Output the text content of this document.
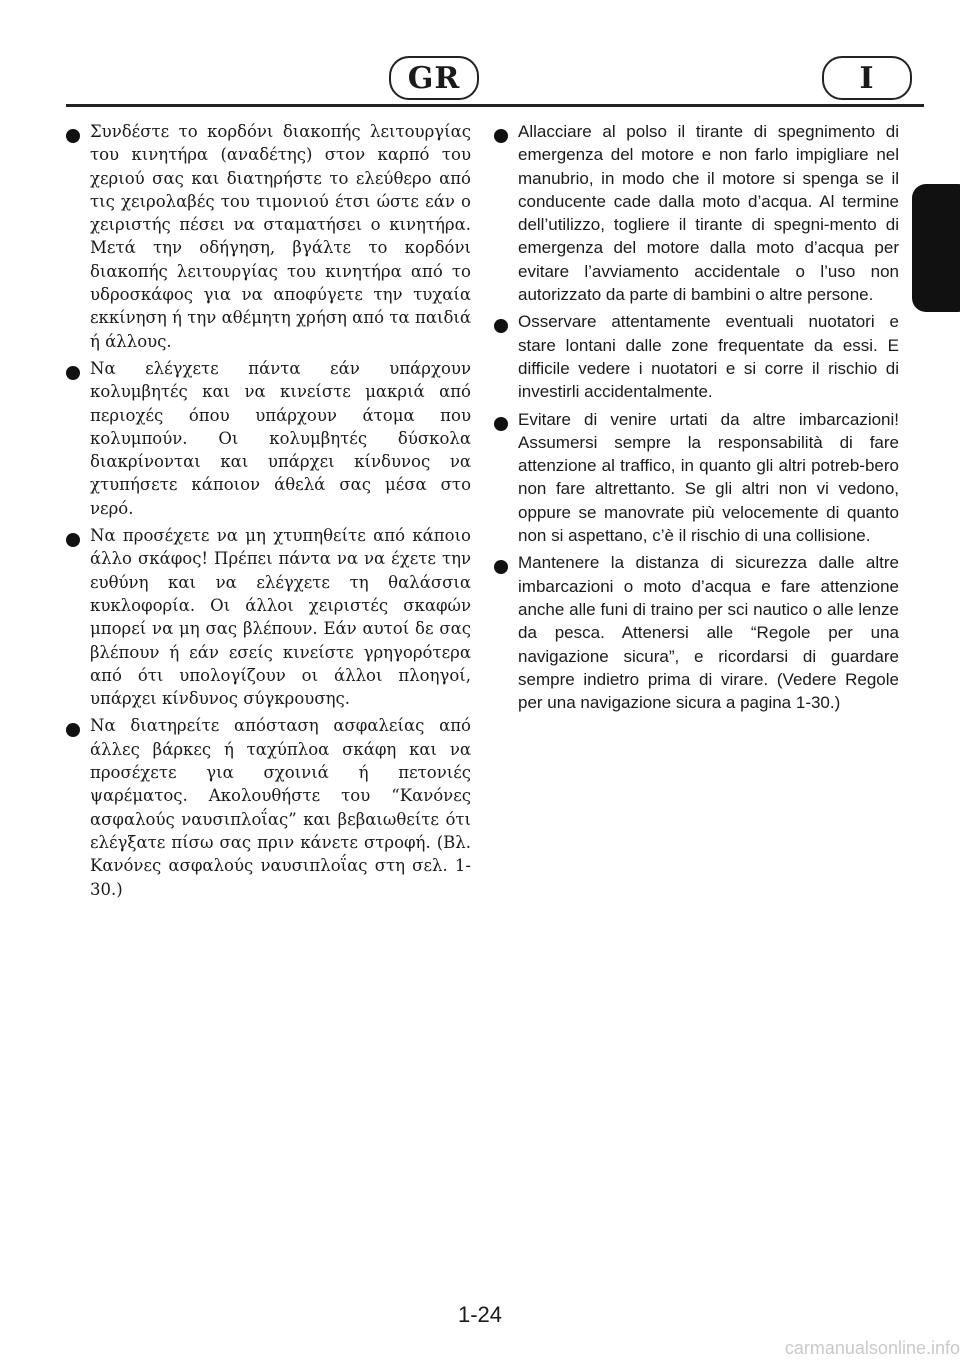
GR	I
Συνδέστε το κορδόνι διακοπής λειτουργίας του κινητήρα (αναδέτης) στον καρπό του χεριού σας και διατηρήστε το ελεύθερο από τις χειρολαβές του τιμονιού έτσι ώστε εάν ο χειριστής πέσει να σταματήσει ο κινητήρα. Μετά την οδήγηση, βγάλτε το κορδόνι διακοπής λειτουργίας του κινητήρα από το υδροσκάφος για να αποφύγετε την τυχαία εκκίνηση ή την αθέμητη χρήση από τα παιδιά ή άλλους.
Να ελέγχετε πάντα εάν υπάρχουν κολυμβητές και να κινείστε μακριά από περιοχές όπου υπάρχουν άτομα που κολυμπούν. Οι κολυμβητές δύσκολα διακρίνονται και υπάρχει κίνδυνος να χτυπήσετε κάποιον άθελά σας μέσα στο νερό.
Να προσέχετε να μη χτυπηθείτε από κάποιο άλλο σκάφος! Πρέπει πάντα να να έχετε την ευθύνη και να ελέγχετε τη θαλάσσια κυκλοφορία. Οι άλλοι χειριστές σκαφών μπορεί να μη σας βλέπουν. Εάν αυτοί δε σας βλέπουν ή εάν εσείς κινείστε γρηγορότερα από ότι υπολογίζουν οι άλλοι πλοηγοί, υπάρχει κίνδυνος σύγκρουσης.
Να διατηρείτε απόσταση ασφαλείας από άλλες βάρκες ή ταχύπλοα σκάφη και να προσέχετε για σχοινιά ή πετονιές ψαρέματος. Ακολουθήστε του “Κανόνες ασφαλούς ναυσιπλοΐας” και βεβαιωθείτε ότι ελέγξατε πίσω σας πριν κάνετε στροφή. (Βλ. Κανόνες ασφαλούς ναυσιπλοΐας στη σελ. 1-30.)
Allacciare al polso il tirante di spegnimento di emergenza del motore e non farlo impigliare nel manubrio, in modo che il motore si spenga se il conducente cade dalla moto d’acqua. Al termine dell’utilizzo, togliere il tirante di spegni-mento di emergenza del motore dalla moto d’acqua per evitare l’avviamento accidentale o l’uso non autorizzato da parte di bambini o altre persone.
Osservare attentamente eventuali nuotatori e stare lontani dalle zone frequentate da essi. E difficile vedere i nuotatori e si corre il rischio di investirli accidentalmente.
Evitare di venire urtati da altre imbarcazioni! Assumersi sempre la responsabilità di fare attenzione al traffico, in quanto gli altri potreb-bero non fare altrettanto. Se gli altri non vi vedono, oppure se manovrate più velocemente di quanto non si aspettano, c’è il rischio di una collisione.
Mantenere la distanza di sicurezza dalle altre imbarcazioni o moto d’acqua e fare attenzione anche alle funi di traino per sci nautico o alle lenze da pesca. Attenersi alle “Regole per una navigazione sicura”, e ricordarsi di guardare sempre indietro prima di virare. (Vedere Regole per una navigazione sicura a pagina 1-30.)
1-24
carmanualsonline.info
